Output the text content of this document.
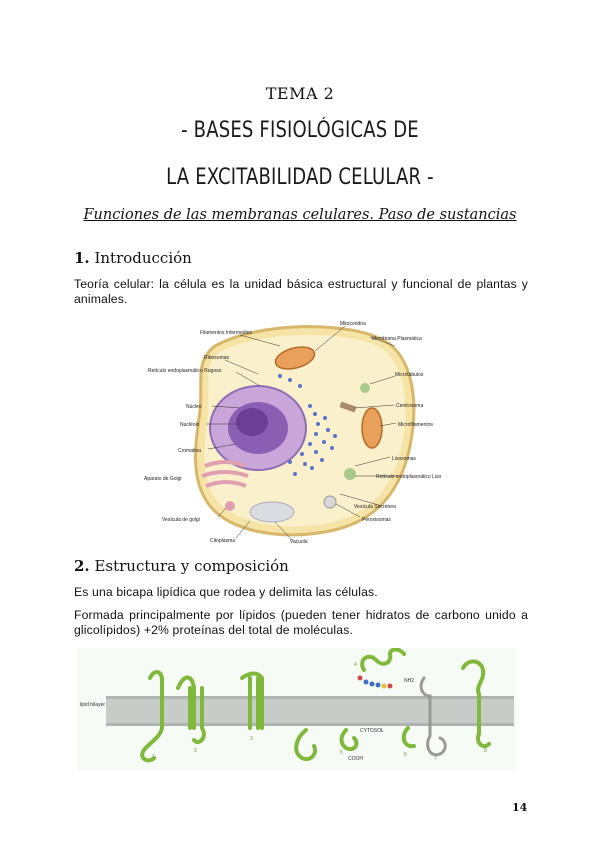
TEMA 2
- BASES FISIOLÓGICAS DE
LA EXCITABILIDAD CELULAR -
Funciones de las membranas celulares. Paso de sustancias
1. Introducción
Teoría celular: la célula es la unidad básica estructural y funcional de plantas y animales.
Filamentos Intermedios
Mitocondria
Membrana Plasmática
Ribosomas
Retículo endoplasmático Rugoso
Microtúbulos
Núcleo	Centrosoma
Nucléolo	Microfilamentos
Cromatina
Lisosomas
Retículo endoplasmático Liso
Aparato de Golgi
Vesícula Secretora
Peroxisomas
Vesícula de golgi
Citoplasma	Vacuola
2. Estructura y composición
Es una bicapa lipídica que rodea y delimita las células.
Formada principalmente por lípidos (pueden tener hidratos de carbono unido a glicolípidos) +2% proteínas del total de moléculas.
lipid bilayer
NH2
COOH
CYTOSOL
1
2
3
4
5	6
7
8
14
